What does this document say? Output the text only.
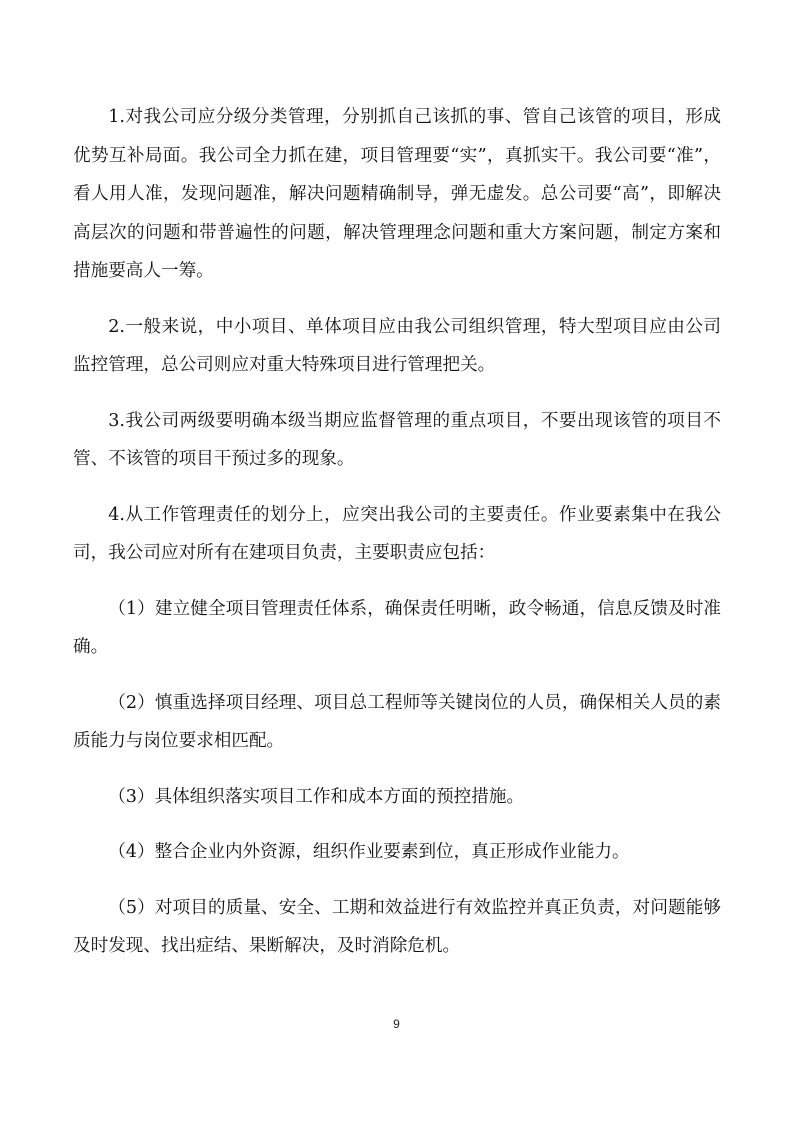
1.对我公司应分级分类管理，分别抓自己该抓的事、管自己该管的项目，形成优势互补局面。我公司全力抓在建，项目管理要“实”，真抓实干。我公司要“准”，看人用人准，发现问题准，解决问题精确制导，弹无虚发。总公司要“高”，即解决高层次的问题和带普遍性的问题，解决管理理念问题和重大方案问题，制定方案和措施要高人一筹。

2.一般来说，中小项目、单体项目应由我公司组织管理，特大型项目应由公司监控管理，总公司则应对重大特殊项目进行管理把关。

3.我公司两级要明确本级当期应监督管理的重点项目，不要出现该管的项目不管、不该管的项目干预过多的现象。

4.从工作管理责任的划分上，应突出我公司的主要责任。作业要素集中在我公司，我公司应对所有在建项目负责，主要职责应包括：

（1）建立健全项目管理责任体系，确保责任明晰，政令畅通，信息反馈及时准确。

（2）慎重选择项目经理、项目总工程师等关键岗位的人员，确保相关人员的素质能力与岗位要求相匹配。

（3）具体组织落实项目工作和成本方面的预控措施。

（4）整合企业内外资源，组织作业要素到位，真正形成作业能力。

（5）对项目的质量、安全、工期和效益进行有效监控并真正负责，对问题能够及时发现、找出症结、果断解决，及时消除危机。

9
